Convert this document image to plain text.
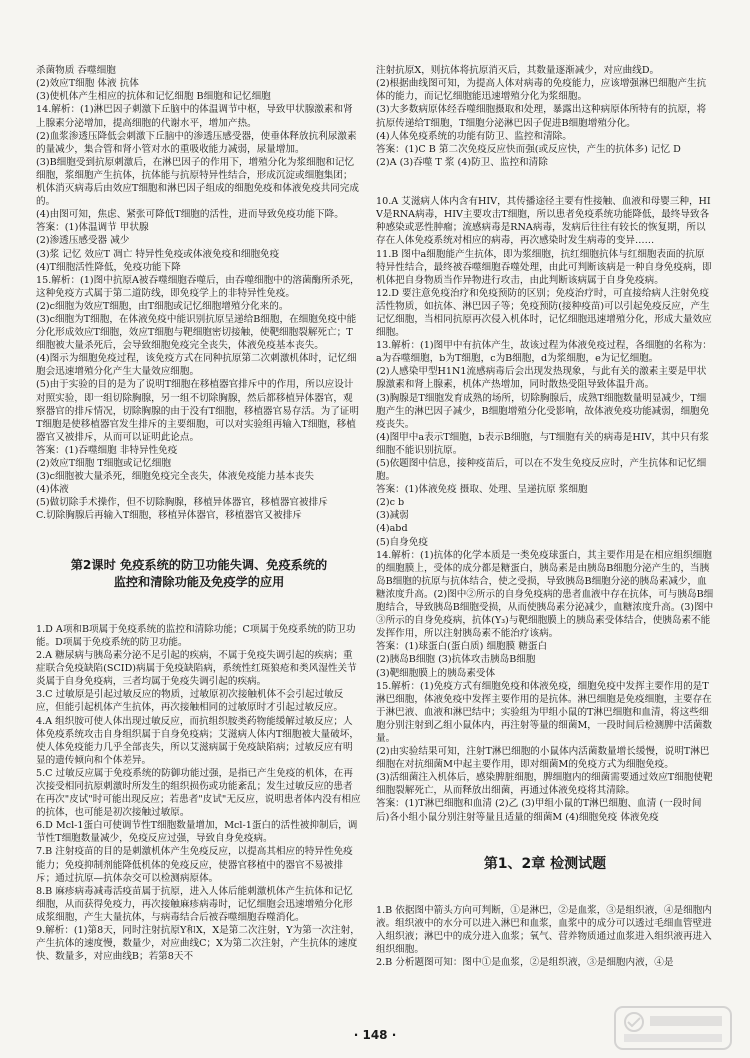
杀菌物质 吞噬细胞
(2)效应T细胞 体液 抗体
(3)使机体产生相应的抗体和记忆细胞 B细胞和记忆细胞
14.解析：(1)淋巴因子刺激下丘脑中的体温调节中枢，导致甲状腺激素和肾上腺素分泌增加，提高细胞的代谢水平，增加产热。
(2)血浆渗透压降低会刺激下丘脑中的渗透压感受器，使垂体释放抗利尿激素的量减少，集合管和肾小管对水的重吸收能力减弱，尿量增加。
(3)B细胞受到抗原刺激后，在淋巴因子的作用下，增殖分化为浆细胞和记忆细胞，浆细胞产生抗体，抗体能与抗原特异性结合，形成沉淀或细胞集团；机体消灭病毒后由效应T细胞和淋巴因子组成的细胞免疫和体液免疫共同完成的。
(4)由图可知，焦虑、紧张可降低T细胞的活性，进而导致免疫功能下降。
答案：(1)体温调节 甲状腺
(2)渗透压感受器 减少
(3)浆 记忆 效应T 凋亡 特异性免疫或体液免疫和细胞免疫
(4)T细胞活性降低，免疫功能下降
15.解析：(1)图中抗原A被吞噬细胞吞噬后，由吞噬细胞中的溶菌酶所杀死，这种免疫方式属于第二道防线，即免疫学上的非特异性免疫。
(2)c细胞为效应T细胞，由T细胞或记忆细胞增殖分化来的。
(3)c细胞为T细胞，在体液免疫中能识别抗原呈递给B细胞，在细胞免疫中能分化形成效应T细胞，效应T细胞与靶细胞密切接触，使靶细胞裂解死亡；T细胞被大量杀死后，会导致细胞免疫完全丧失，体液免疫基本丧失。
(4)图示为细胞免疫过程，该免疫方式在同种抗原第二次刺激机体时，记忆细胞会迅速增殖分化产生大量效应细胞。
(5)由于实验的目的是为了说明T细胞在移植器官排斥中的作用，所以应设计对照实验，即一组切除胸腺，另一组不切除胸腺，然后都移植异体器官，观察器官的排斥情况，切除胸腺的由于没有T细胞，移植器官易存活。为了证明T细胞是使移植器官发生排斥的主要细胞，可以对实验组再输入T细胞，移植器官又被排斥，从而可以证明此论点。
答案：(1)吞噬细胞 非特异性免疫
(2)效应T细胞 T细胞或记忆细胞
(3)c细胞被大量杀死，细胞免疫完全丧失，体液免疫能力基本丧失
(4)体液
(5)做切除手术操作，但不切除胸腺，移植异体器官，移植器官被排斥
C.切除胸腺后再输入T细胞，移植异体器官，移植器官又被排斥

第2课时 免疫系统的防卫功能失调、免疫系统的
监控和清除功能及免疫学的应用

1.D A项和B项属于免疫系统的监控和清除功能；C项属于免疫系统的防卫功能。D项属于免疫系统的防卫功能。
2.A 糖尿病与胰岛素分泌不足引起的疾病，不属于免疫失调引起的疾病；重症联合免疫缺陷(SCID)病属于免疫缺陷病，系统性红斑狼疮和类风湿性关节炎属于自身免疫病，三者均属于免疫失调引起的疾病。
3.C 过敏原是引起过敏反应的物质，过敏原初次接触机体不会引起过敏反应，但能引起机体产生抗体，再次接触相同的过敏原时才引起过敏反应。
4.A 组织胺可使人体出现过敏反应，而抗组织胺类药物能缓解过敏反应；人体免疫系统攻击自身组织属于自身免疫病；艾滋病人体内T细胞被大量破坏，使人体免疫能力几乎全部丧失，所以艾滋病属于免疫缺陷病；过敏反应有明显的遗传倾向和个体差异。
5.C 过敏反应属于免疫系统的防御功能过强，是指已产生免疫的机体，在再次接受相同抗原刺激时所发生的组织损伤或功能紊乱；发生过敏反应的患者在再次"皮试"时可能出现反应；若患者"皮试"无反应，说明患者体内没有相应的抗体，也可能是初次接触过敏原。
6.D Mcl-1蛋白可使调节性T细胞数量增加，Mcl-1蛋白的活性被抑制后，调节性T细胞数量减少，免疫反应过强，导致自身免疫病。
7.B 注射疫苗的目的是刺激机体产生免疫反应，以提高其相应的特异性免疫能力；免疫抑制剂能降低机体的免疫反应，使器官移植中的器官不易被排斥；通过抗原—抗体杂交可以检测病原体。
8.B 麻疹病毒减毒活疫苗属于抗原，进入人体后能刺激机体产生抗体和记忆细胞，从而获得免疫力，再次接触麻疹病毒时，记忆细胞会迅速增殖分化形成浆细胞，产生大量抗体，与病毒结合后被吞噬细胞吞噬消化。
9.解析：(1)第8天，同时注射抗原Y和X，X是第二次注射，Y为第一次注射，产生抗体的速度慢，数量少，对应曲线C；X为第二次注射，产生抗体的速度快、数量多，对应曲线B；若第8天不

注射抗原X，则抗体将抗原消灭后，其数量逐渐减少，对应曲线D。
(2)根据曲线图可知，为提高人体对病毒的免疫能力，应该增强淋巴细胞产生抗体的能力，而记忆细胞能迅速增殖分化为浆细胞。
(3)大多数病原体经吞噬细胞摄取和处理，暴露出这种病原体所特有的抗原，将抗原传递给T细胞，T细胞分泌淋巴因子促进B细胞增殖分化。
(4)人体免疫系统的功能有防卫、监控和清除。
答案：(1)C B 第二次免疫反应快而强(或反应快，产生的抗体多) 记忆 D
(2)A (3)吞噬 T 浆 (4)防卫、监控和清除

10.A 艾滋病人体内含有HIV，其传播途径主要有性接触、血液和母婴三种，HIV是RNA病毒，HIV主要攻击T细胞，所以患者免疫系统功能降低，最终导致各种感染或恶性肿瘤；流感病毒是RNA病毒，发病后往往有较长的恢复期，所以存在人体免疫系统对相应的病毒，再次感染时发生病毒的变异……
11.B 图中a细胞能产生抗体，即为浆细胞，抗红细胞抗体与红细胞表面的抗原特异性结合，最终被吞噬细胞吞噬处理，由此可判断该病是一种自身免疫病，即机体把自身物质当作异物进行攻击，由此判断该病属于自身免疫病。
12.D 要注意免疫治疗和免疫预防的区别；免疫治疗时，可直接给病人注射免疫活性物质，如抗体、淋巴因子等；免疫预防(接种疫苗)可以引起免疫反应，产生记忆细胞，当相同抗原再次侵入机体时，记忆细胞迅速增殖分化，形成大量效应细胞。
13.解析：(1)图甲中有抗体产生，故该过程为体液免疫过程，各细胞的名称为：a为吞噬细胞，b为T细胞，c为B细胞，d为浆细胞，e为记忆细胞。
(2)人感染甲型H1N1流感病毒后会出现发热现象，与此有关的激素主要是甲状腺激素和肾上腺素，机体产热增加，同时散热受阻导致体温升高。
(3)胸腺是T细胞发育成熟的场所，切除胸腺后，成熟T细胞数量明显减少，T细胞产生的淋巴因子减少，B细胞增殖分化受影响，故体液免疫功能减弱，细胞免疫丧失。
(4)图甲中a表示T细胞，b表示B细胞，与T细胞有关的病毒是HIV，其中只有浆细胞不能识别抗原。
(5)依题图中信息，接种疫苗后，可以在不发生免疫反应时，产生抗体和记忆细胞。
答案：(1)体液免疫 摄取、处理、呈递抗原 浆细胞
(2)c b
(3)减弱
(4)abd
(5)自身免疫
14.解析：(1)抗体的化学本质是一类免疫球蛋白，其主要作用是在相应组织细胞的细胞膜上，受体的成分都是糖蛋白，胰岛素是由胰岛B细胞分泌产生的，当胰岛B细胞的抗原与抗体结合，使之受损，导致胰岛B细胞分泌的胰岛素减少，血糖浓度升高。(2)图中②所示的自身免疫病的患者血液中存在抗体，可与胰岛B细胞结合，导致胰岛B细胞受损，从而使胰岛素分泌减少，血糖浓度升高。(3)图中③所示的自身免疫病，抗体(Y₃)与靶细胞膜上的胰岛素受体结合，使胰岛素不能发挥作用，所以注射胰岛素不能治疗该病。
答案：(1)球蛋白(蛋白质) 细胞膜 糖蛋白
(2)胰岛B细胞 (3)抗体攻击胰岛B细胞
(3)靶细胞膜上的胰岛素受体
15.解析：(1)免疫方式有细胞免疫和体液免疫，细胞免疫中发挥主要作用的是T淋巴细胞，体液免疫中发挥主要作用的是抗体。淋巴细胞是免疫细胞，主要存在于淋巴液、血液和淋巴结中；实验组为甲组小鼠的T淋巴细胞和血清，将这些细胞分别注射到乙组小鼠体内，再注射等量的细菌M，一段时间后检测脾中活菌数量。
(2)由实验结果可知，注射T淋巴细胞的小鼠体内活菌数量增长缓慢，说明T淋巴细胞在对抗细菌M中起主要作用，即对细菌M的免疫方式为细胞免疫。
(3)活细菌注入机体后，感染脾脏细胞，脾细胞内的细菌需要通过效应T细胞使靶细胞裂解死亡，从而释放出细菌，再通过体液免疫将其清除。
答案：(1)T淋巴细胞和血清 (2)乙 (3)甲组小鼠的T淋巴细胞、血清 (一段时间后)各小组小鼠分别注射等量且适量的细菌M (4)细胞免疫 体液免疫

第1、2章 检测试题

1.B 依据图中箭头方向可判断，①是淋巴，②是血浆，③是组织液，④是细胞内液。组织液中的水分可以进入淋巴和血浆，血浆中的成分可以透过毛细血管壁进入组织液；淋巴中的成分进入血浆；氧气、营养物质通过血浆进入组织液再进入组织细胞。
2.B 分析题图可知：图中①是血浆，②是组织液，③是细胞内液，④是

· 148 ·
